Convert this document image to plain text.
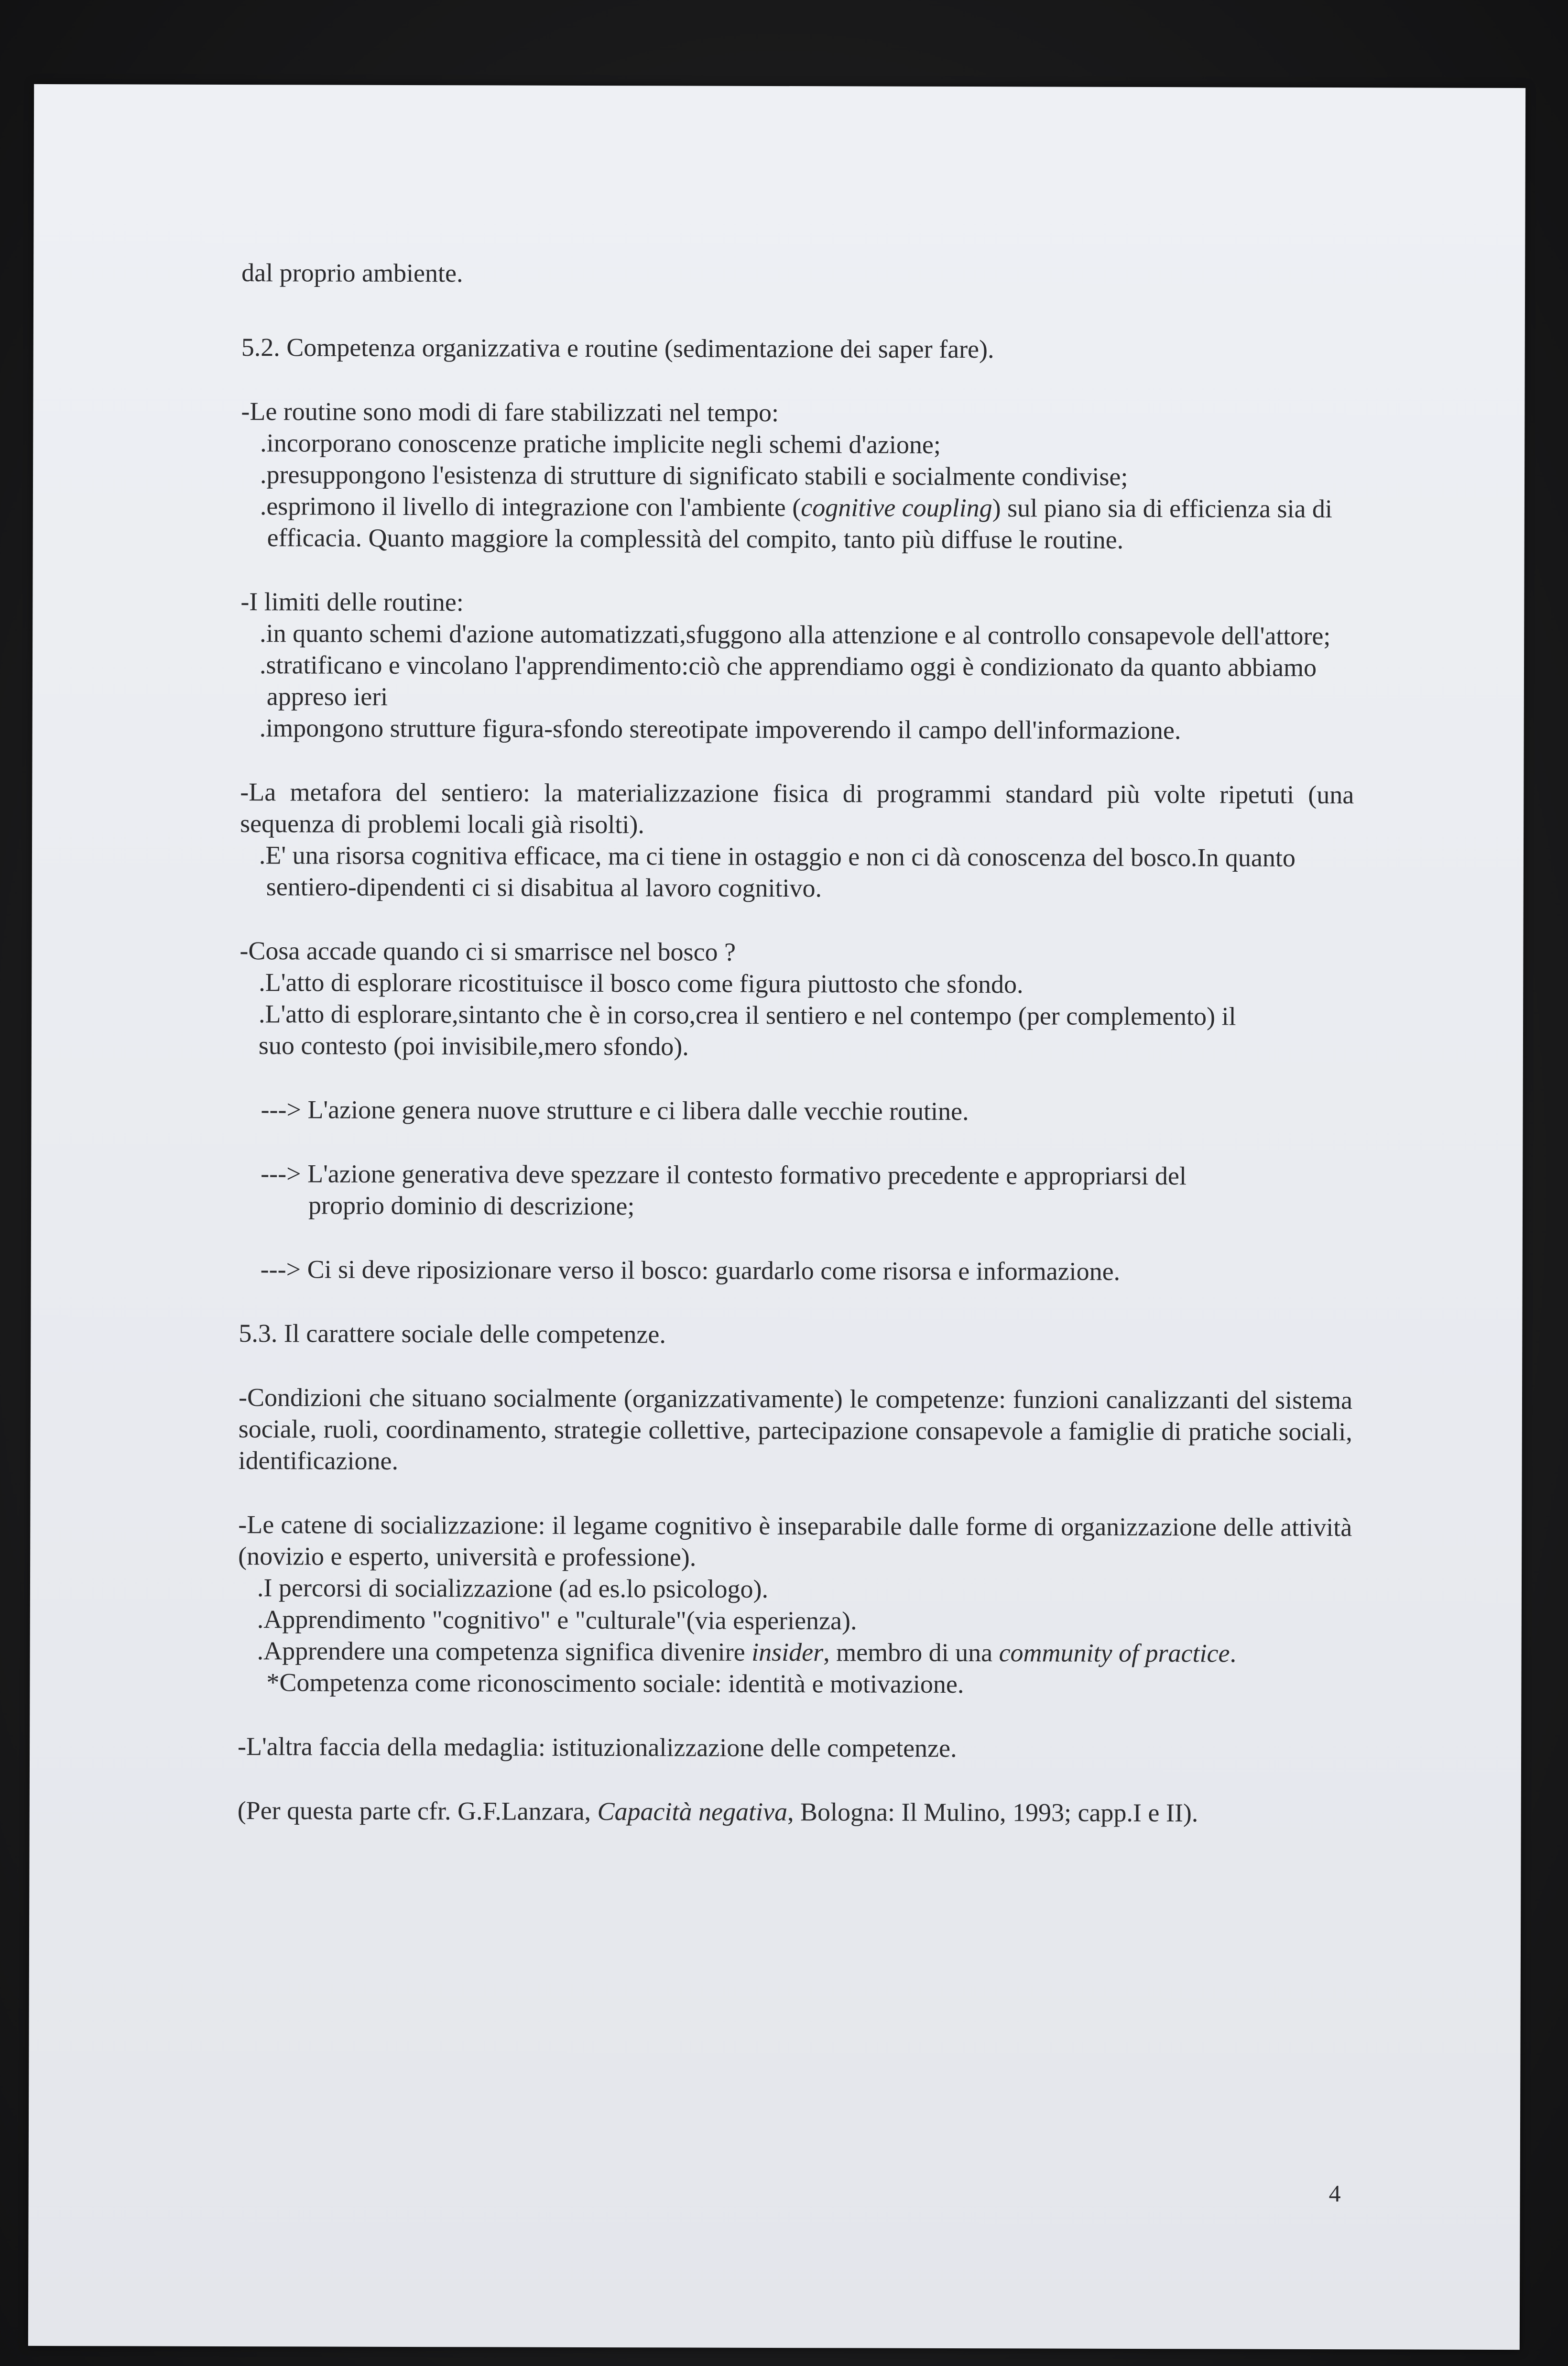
dal proprio ambiente.

5.2. Competenza organizzativa e routine (sedimentazione dei saper fare).

-Le routine sono modi di fare stabilizzati nel tempo:

.incorporano conoscenze pratiche implicite negli schemi d'azione;

.presuppongono l'esistenza di strutture di significato stabili e socialmente condivise;

.esprimono il livello di integrazione con l'ambiente (cognitive coupling) sul piano sia di efficienza sia di efficacia. Quanto maggiore la complessità del compito, tanto più diffuse le routine.

-I limiti delle routine:

.in quanto schemi d'azione automatizzati,sfuggono alla attenzione e al controllo consapevole dell'attore;

.stratificano e vincolano l'apprendimento:ciò che apprendiamo oggi è condizionato da quanto abbiamo appreso ieri

.impongono strutture figura-sfondo stereotipate impoverendo il campo dell'informazione.

-La metafora del sentiero: la materializzazione fisica di programmi standard più volte ripetuti (una sequenza di problemi locali già risolti).

.E' una risorsa cognitiva efficace, ma ci tiene in ostaggio e non ci dà conoscenza del bosco.In quanto sentiero-dipendenti ci si disabitua al lavoro cognitivo.

-Cosa accade quando ci si smarrisce nel bosco ?

.L'atto di esplorare ricostituisce il bosco come figura piuttosto che sfondo.

.L'atto di esplorare,sintanto che è in corso,crea il sentiero e nel contempo (per complemento) il

suo contesto (poi invisibile,mero sfondo).

---> L'azione genera nuove strutture e ci libera dalle vecchie routine.

---> L'azione generativa deve spezzare il contesto formativo precedente e appropriarsi del

proprio dominio di descrizione;

---> Ci si deve riposizionare verso il bosco: guardarlo come risorsa e informazione.

5.3. Il carattere sociale delle competenze.

-Condizioni che situano socialmente (organizzativamente) le competenze: funzioni canalizzanti del sistema sociale, ruoli, coordinamento, strategie collettive, partecipazione consapevole a famiglie di pratiche sociali, identificazione.

-Le catene di socializzazione: il legame cognitivo è inseparabile dalle forme di organizzazione delle attività (novizio e esperto, università e professione).

.I percorsi di socializzazione (ad es.lo psicologo).

.Apprendimento "cognitivo" e "culturale"(via esperienza).

.Apprendere una competenza significa divenire insider, membro di una community of practice.

*Competenza come riconoscimento sociale: identità e motivazione.

-L'altra faccia della medaglia: istituzionalizzazione delle competenze.

(Per questa parte cfr. G.F.Lanzara, Capacità negativa, Bologna: Il Mulino, 1993; capp.I e II).

4
